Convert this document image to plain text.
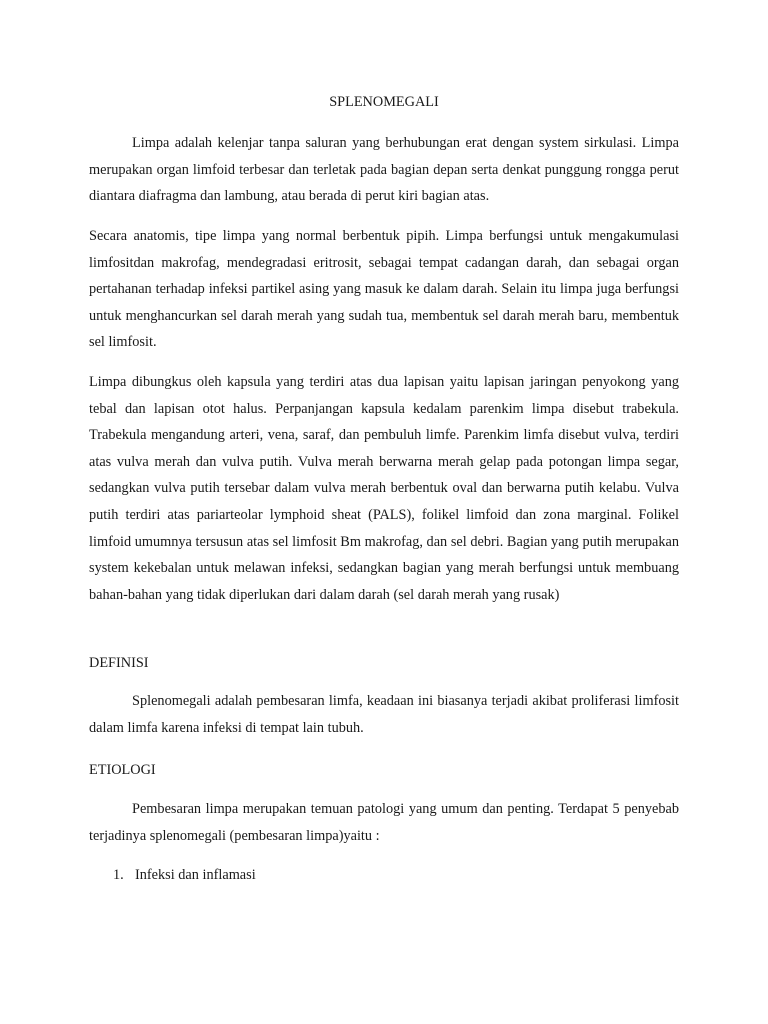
SPLENOMEGALI

Limpa adalah kelenjar tanpa saluran yang berhubungan erat dengan system sirkulasi. Limpa merupakan organ limfoid terbesar dan terletak pada bagian depan serta denkat punggung rongga perut diantara diafragma dan lambung, atau berada di perut kiri bagian atas.

Secara anatomis, tipe limpa yang normal berbentuk pipih. Limpa berfungsi untuk mengakumulasi limfositdan makrofag, mendegradasi eritrosit, sebagai tempat cadangan darah, dan sebagai organ pertahanan terhadap infeksi partikel asing yang masuk ke dalam darah. Selain itu limpa juga berfungsi untuk menghancurkan sel darah merah yang sudah tua, membentuk sel darah merah baru, membentuk sel limfosit.

Limpa dibungkus oleh kapsula yang terdiri atas dua lapisan yaitu lapisan jaringan penyokong yang tebal dan lapisan otot halus. Perpanjangan kapsula kedalam parenkim limpa disebut trabekula. Trabekula mengandung arteri, vena, saraf, dan pembuluh limfe. Parenkim limfa disebut vulva, terdiri atas vulva merah dan vulva putih. Vulva merah berwarna merah gelap pada potongan limpa segar, sedangkan vulva putih tersebar dalam vulva merah berbentuk oval dan berwarna putih kelabu. Vulva putih terdiri atas pariarteolar lymphoid sheat (PALS), folikel limfoid dan zona marginal. Folikel limfoid umumnya tersusun atas sel limfosit Bm makrofag, dan sel debri. Bagian yang putih merupakan system kekebalan untuk melawan infeksi, sedangkan bagian yang merah berfungsi untuk membuang bahan-bahan yang tidak diperlukan dari dalam darah (sel darah merah yang rusak)

DEFINISI

Splenomegali adalah pembesaran limfa, keadaan ini biasanya terjadi akibat proliferasi limfosit dalam limfa karena infeksi di tempat lain tubuh.

ETIOLOGI

Pembesaran limpa merupakan temuan patologi yang umum dan penting. Terdapat 5 penyebab terjadinya splenomegali (pembesaran limpa)yaitu :

1. Infeksi dan inflamasi
